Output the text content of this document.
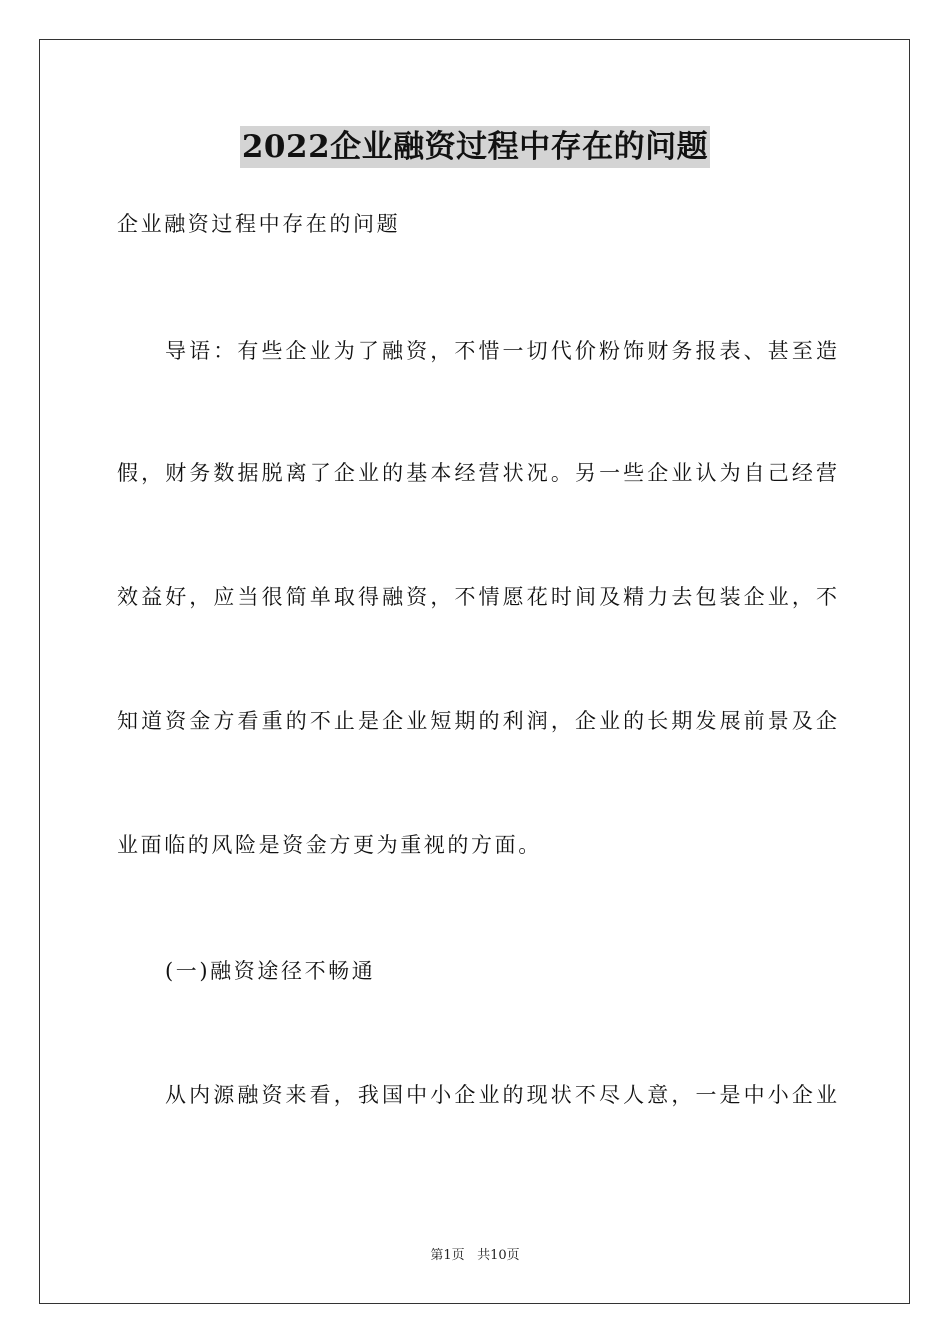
2022企业融资过程中存在的问题
企业融资过程中存在的问题
导语：有些企业为了融资，不惜一切代价粉饰财务报表、甚至造
假，财务数据脱离了企业的基本经营状况。另一些企业认为自己经营
效益好，应当很简单取得融资，不情愿花时间及精力去包装企业，不
知道资金方看重的不止是企业短期的利润，企业的长期发展前景及企
业面临的风险是资金方更为重视的方面。
(一)融资途径不畅通
从内源融资来看，我国中小企业的现状不尽人意，一是中小企业
第1页 共10页
